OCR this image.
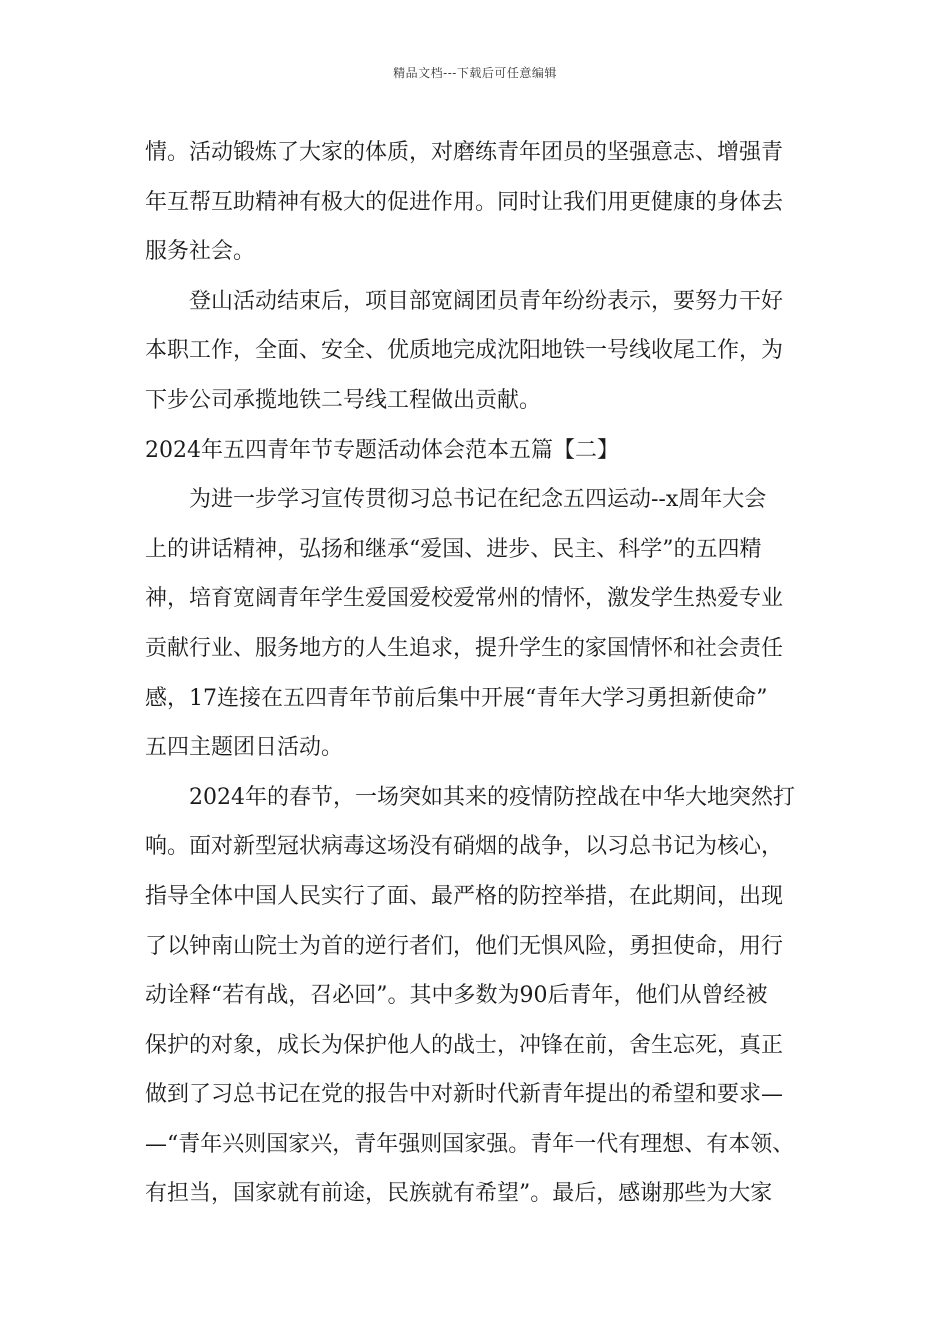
精品文档---下载后可任意编辑
情。活动锻炼了大家的体质，对磨练青年团员的坚强意志、增强青
年互帮互助精神有极大的促进作用。同时让我们用更健康的身体去
服务社会。
登山活动结束后，项目部宽阔团员青年纷纷表示，要努力干好
本职工作，全面、安全、优质地完成沈阳地铁一号线收尾工作，为
下步公司承揽地铁二号线工程做出贡献。
2024年五四青年节专题活动体会范本五篇【二】
为进一步学习宣传贯彻习总书记在纪念五四运动--x周年大会
上的讲话精神，弘扬和继承“爱国、进步、民主、科学”的五四精
神，培育宽阔青年学生爱国爱校爱常州的情怀，激发学生热爱专业
贡献行业、服务地方的人生追求，提升学生的家国情怀和社会责任
感，17连接在五四青年节前后集中开展“青年大学习勇担新使命”
五四主题团日活动。
2024年的春节，一场突如其来的疫情防控战在中华大地突然打
响。面对新型冠状病毒这场没有硝烟的战争，以习总书记为核心，
指导全体中国人民实行了面、最严格的防控举措，在此期间，出现
了以钟南山院士为首的逆行者们，他们无惧风险，勇担使命，用行
动诠释“若有战，召必回”。其中多数为90后青年，他们从曾经被
保护的对象，成长为保护他人的战士，冲锋在前，舍生忘死，真正
做到了习总书记在党的报告中对新时代新青年提出的希望和要求—
—“青年兴则国家兴，青年强则国家强。青年一代有理想、有本领、
有担当，国家就有前途，民族就有希望”。最后，感谢那些为大家
